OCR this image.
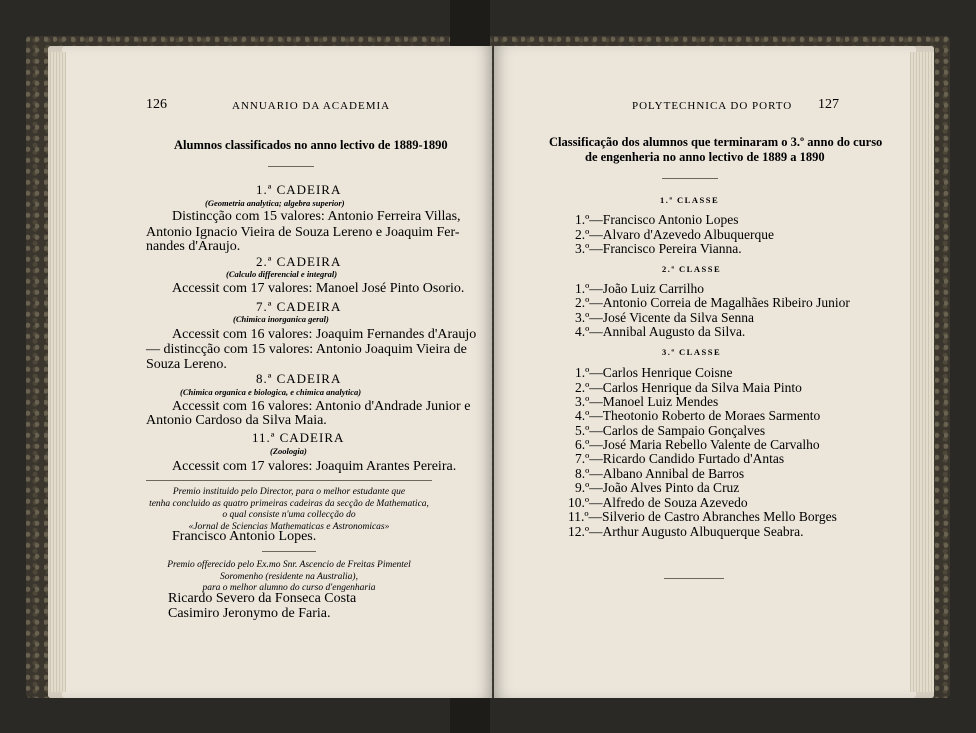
126	ANNUARIO DA ACADEMIA
Alumnos classificados no anno lectivo de 1889-1890
1.ª CADEIRA
(Geometria analytica; algebra superior)
Distincção com 15 valores: Antonio Ferreira Villas,
Antonio Ignacio Vieira de Souza Lereno e Joaquim Fer-
nandes d'Araujo.
2.ª CADEIRA
(Calculo differencial e integral)
Accessit com 17 valores: Manoel José Pinto Osorio.
7.ª CADEIRA
(Chimica inorganica geral)
Accessit com 16 valores: Joaquim Fernandes d'Araujo
— distincção com 15 valores: Antonio Joaquim Vieira de
Souza Lereno.
8.ª CADEIRA
(Chimica organica e biologica, e chimica analytica)
Accessit com 16 valores: Antonio d'Andrade Junior e
Antonio Cardoso da Silva Maia.
11.ª CADEIRA
(Zoologia)
Accessit com 17 valores: Joaquim Arantes Pereira.
Premio instituido pelo Director, para o melhor estudante que
tenha concluido as quatro primeiras cadeiras da secção de Mathematica,
o qual consiste n'uma collecção do
«Jornal de Sciencias Mathematicas e Astronomicas»
Francisco Antonio Lopes.
Premio offerecido pelo Ex.mo Snr. Ascencio de Freitas Pimentel
Soromenho (residente na Australia),
para o melhor alumno do curso d'engenharia
Ricardo Severo da Fonseca Costa
Casimiro Jeronymo de Faria.
POLYTECHNICA DO PORTO 127
Classificação dos alumnos que terminaram o 3.º anno do curso
de engenheria no anno lectivo de 1889 a 1890
1.ª CLASSE
1.º—Francisco Antonio Lopes
2.º—Alvaro d'Azevedo Albuquerque
3.º—Francisco Pereira Vianna.
2.ª CLASSE
1.º—João Luiz Carrilho
2.º—Antonio Correia de Magalhães Ribeiro Junior
3.º—José Vicente da Silva Senna
4.º—Annibal Augusto da Silva.
3.ª CLASSE
1.º—Carlos Henrique Coisne
2.º—Carlos Henrique da Silva Maia Pinto
3.º—Manoel Luiz Mendes
4.º—Theotonio Roberto de Moraes Sarmento
5.º—Carlos de Sampaio Gonçalves
6.º—José Maria Rebello Valente de Carvalho
7.º—Ricardo Candido Furtado d'Antas
8.º—Albano Annibal de Barros
9.º—João Alves Pinto da Cruz
10.º—Alfredo de Souza Azevedo
11.º—Silverio de Castro Abranches Mello Borges
12.º—Arthur Augusto Albuquerque Seabra.
